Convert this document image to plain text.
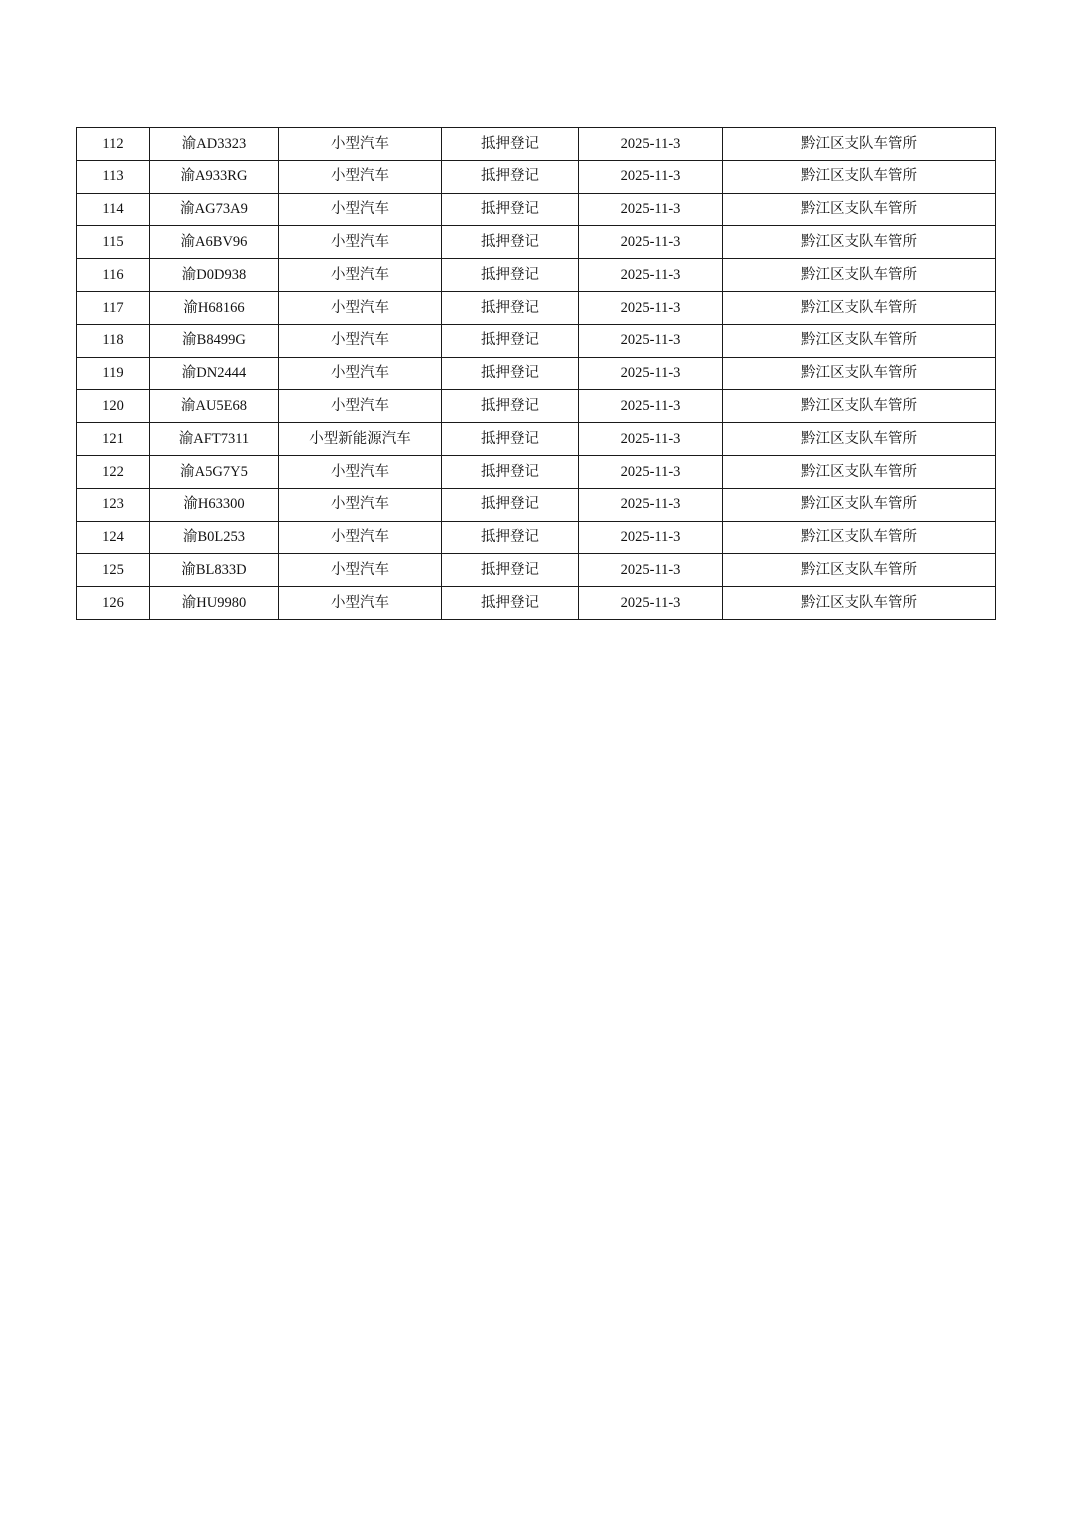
112	渝AD3323	小型汽车	抵押登记	2025-11-3	黔江区支队车管所
113	渝A933RG	小型汽车	抵押登记	2025-11-3	黔江区支队车管所
114	渝AG73A9	小型汽车	抵押登记	2025-11-3	黔江区支队车管所
115	渝A6BV96	小型汽车	抵押登记	2025-11-3	黔江区支队车管所
116	渝D0D938	小型汽车	抵押登记	2025-11-3	黔江区支队车管所
117	渝H68166	小型汽车	抵押登记	2025-11-3	黔江区支队车管所
118	渝B8499G	小型汽车	抵押登记	2025-11-3	黔江区支队车管所
119	渝DN2444	小型汽车	抵押登记	2025-11-3	黔江区支队车管所
120	渝AU5E68	小型汽车	抵押登记	2025-11-3	黔江区支队车管所
121	渝AFT7311	小型新能源汽车	抵押登记	2025-11-3	黔江区支队车管所
122	渝A5G7Y5	小型汽车	抵押登记	2025-11-3	黔江区支队车管所
123	渝H63300	小型汽车	抵押登记	2025-11-3	黔江区支队车管所
124	渝B0L253	小型汽车	抵押登记	2025-11-3	黔江区支队车管所
125	渝BL833D	小型汽车	抵押登记	2025-11-3	黔江区支队车管所
126	渝HU9980	小型汽车	抵押登记	2025-11-3	黔江区支队车管所
